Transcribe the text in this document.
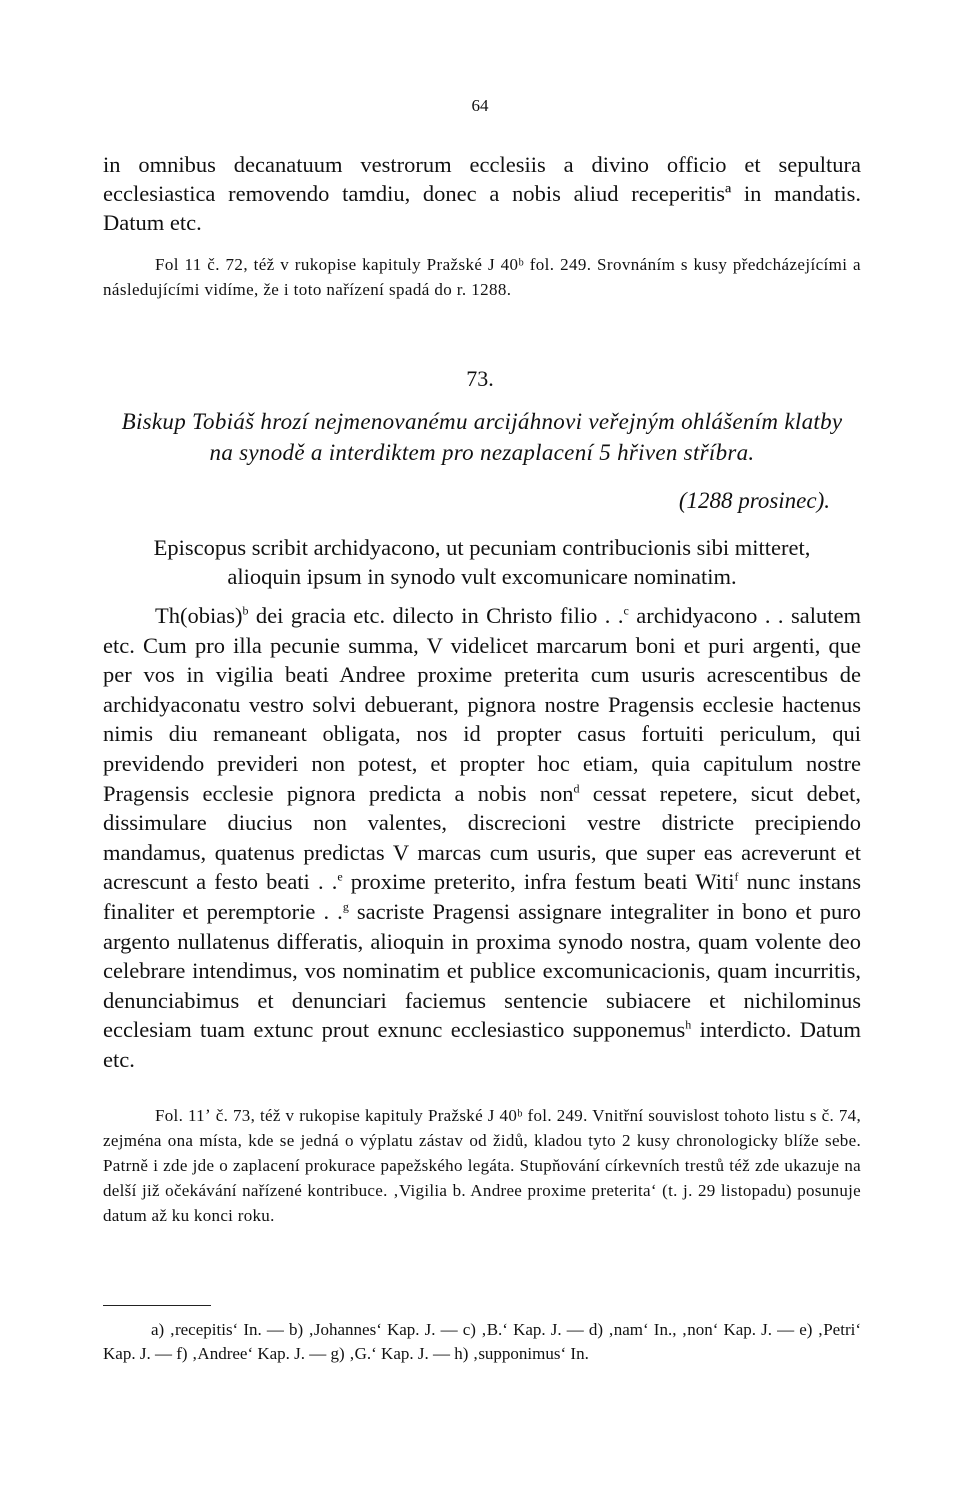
64

in omnibus decanatuum vestrorum ecclesiis a divino officio et sepultura ecclesiastica removendo tamdiu, donec a nobis aliud receperitisª in mandatis. Datum etc.

Fol 11 č. 72, též v rukopise kapituly Pražské J 40ᵇ fol. 249. Srovnáním s kusy předcházejícími a následujícími vidíme, že i toto nařízení spadá do r. 1288.

73.
Biskup Tobiáš hrozí nejmenovanému arcijáhnovi veřejným ohlášením klatby
na synodě a interdiktem pro nezaplacení 5 hřiven stříbra.
(1288 prosinec).
Episcopus scribit archidyacono, ut pecuniam contribucionis sibi mitteret,
alioquin ipsum in synodo vult excomunicare nominatim.

Th(obias)$^b$ dei gracia etc. dilecto in Christo filio . .$^c$ archidyacono . . salutem etc. Cum pro illa pecunie summa, V videlicet marcarum boni et puri argenti, que per vos in vigilia beati Andree proxime preterita cum usuris acrescentibus de archidyaconatu vestro solvi debuerant, pignora nostre Pragensis ecclesie hactenus nimis diu remaneant obligata, nos id propter casus fortuiti periculum, qui previdendo previderi non potest, et propter hoc etiam, quia capitulum nostre Pragensis ecclesie pignora predicta a nobis non$^d$ cessat repetere, sicut debet, dissimulare diucius non valentes, discrecioni vestre districte precipiendo mandamus, quatenus predictas V marcas cum usuris, que super eas acreverunt et acrescunt a festo beati . .$^e$ proxime preterito, infra festum beati Witi$^f$ nunc instans finaliter et peremptorie . .$^g$ sacriste Pragensi assignare integraliter in bono et puro argento nullatenus differatis, alioquin in proxima synodo nostra, quam volente deo celebrare intendimus, vos nominatim et publice excomunicacionis, quam incurritis, denunciabimus et denunciari faciemus sentencie subiacere et nichilominus ecclesiam tuam extunc prout exnunc ecclesiastico supponemus$^h$ interdicto. Datum etc.

Fol. 11ʼ č. 73, též v rukopise kapituly Pražské J 40ᵇ fol. 249. Vnitřní souvislost tohoto listu s č. 74, zejména ona místa, kde se jedná o výplatu zástav od židů, kladou tyto 2 kusy chronologicky blíže sebe. Patrně i zde jde o zaplacení prokurace papežského legáta. Stupňování církevních trestů též zde ukazuje na delší již očekávání nařízené kontribuce. ‚Vigilia b. Andree proxime preterita‘ (t. j. 29 listopadu) posunuje datum až ku konci roku.

a) ‚recepitis‘ In. — b) ‚Johannes‘ Kap. J. — c) ‚B.‘ Kap. J. — d) ‚nam‘ In., ‚non‘ Kap. J. — e) ‚Petri‘ Kap. J. — f) ‚Andree‘ Kap. J. — g) ‚G.‘ Kap. J. — h) ‚supponimus‘ In.
